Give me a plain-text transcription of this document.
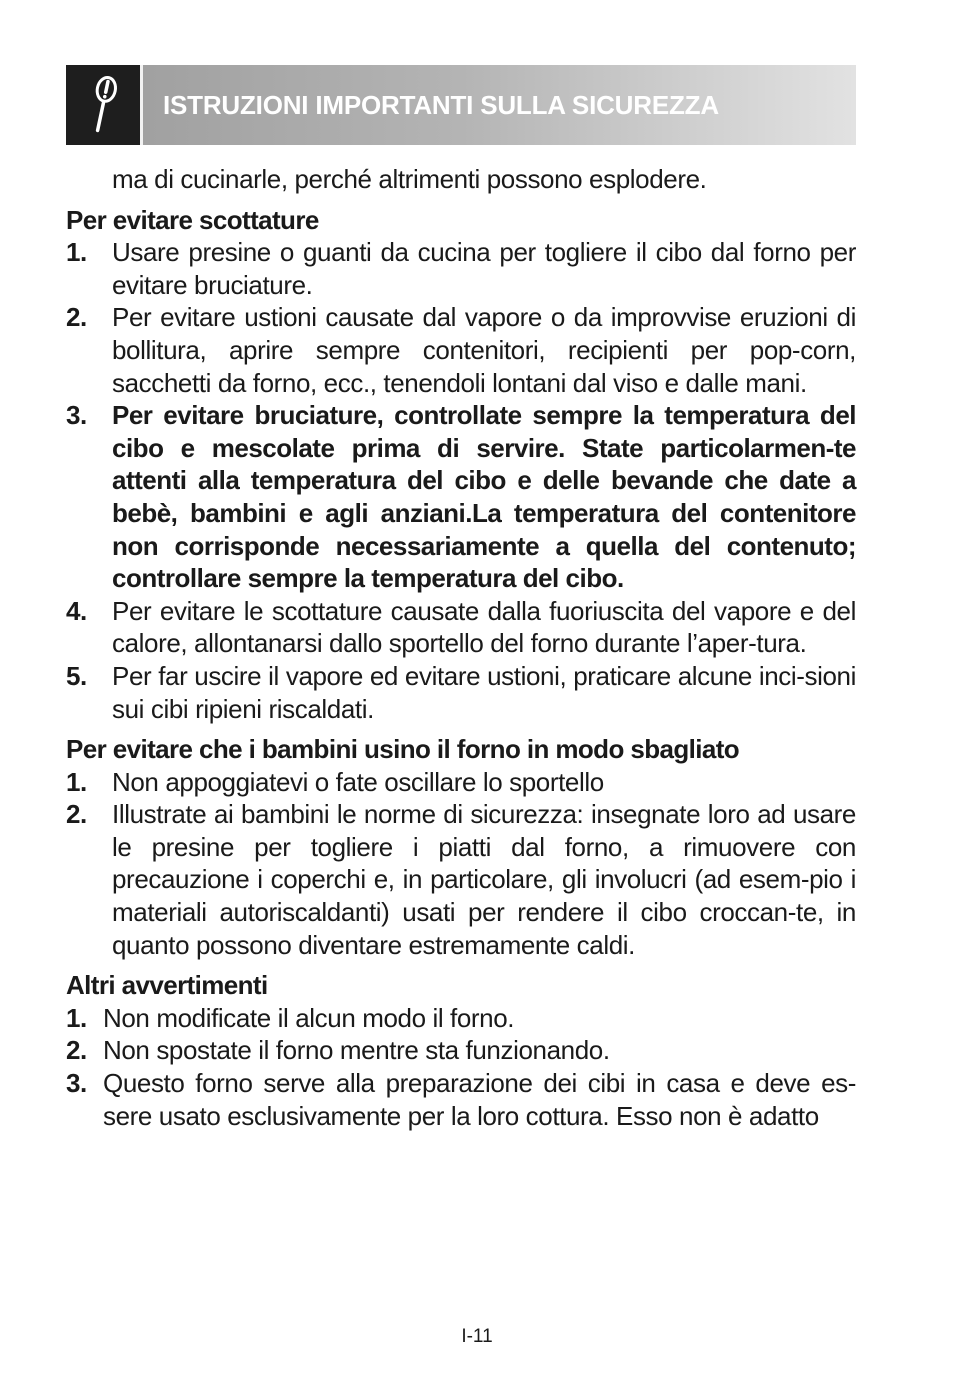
ISTRUZIONI IMPORTANTI SULLA SICUREZZA

ma di cucinarle, perché altrimenti possono esplodere.

Per evitare scottature
1. Usare presine o guanti da cucina per togliere il cibo dal forno per evitare bruciature.
2. Per evitare ustioni causate dal vapore o da improvvise eruzioni di bollitura, aprire sempre contenitori, recipienti per pop-corn, sacchetti da forno, ecc., tenendoli lontani dal viso e dalle mani.
3. Per evitare bruciature, controllate sempre la temperatura del cibo e mescolate prima di servire. State particolarmen-te attenti alla temperatura del cibo e delle bevande che date a bebè, bambini e agli anziani.La temperatura del contenitore non corrisponde necessariamente a quella del contenuto; controllare sempre la temperatura del cibo.
4. Per evitare le scottature causate dalla fuoriuscita del vapore e del calore, allontanarsi dallo sportello del forno durante l’aper-tura.
5. Per far uscire il vapore ed evitare ustioni, praticare alcune inci-sioni sui cibi ripieni riscaldati.
Per evitare che i bambini usino il forno in modo sbagliato
1. Non appoggiatevi o fate oscillare lo sportello
2. Illustrate ai bambini le norme di sicurezza: insegnate loro ad usare le presine per togliere i piatti dal forno, a rimuovere con precauzione i coperchi e, in particolare, gli involucri (ad esem-pio i materiali autoriscaldanti) usati per rendere il cibo croccan-te, in quanto possono diventare estremamente caldi.
Altri avvertimenti
1. Non modificate il alcun modo il forno.
2. Non spostate il forno mentre sta funzionando.
3. Questo forno serve alla preparazione dei cibi in casa e deve es-sere usato esclusivamente per la loro cottura. Esso non è adatto
I-11
